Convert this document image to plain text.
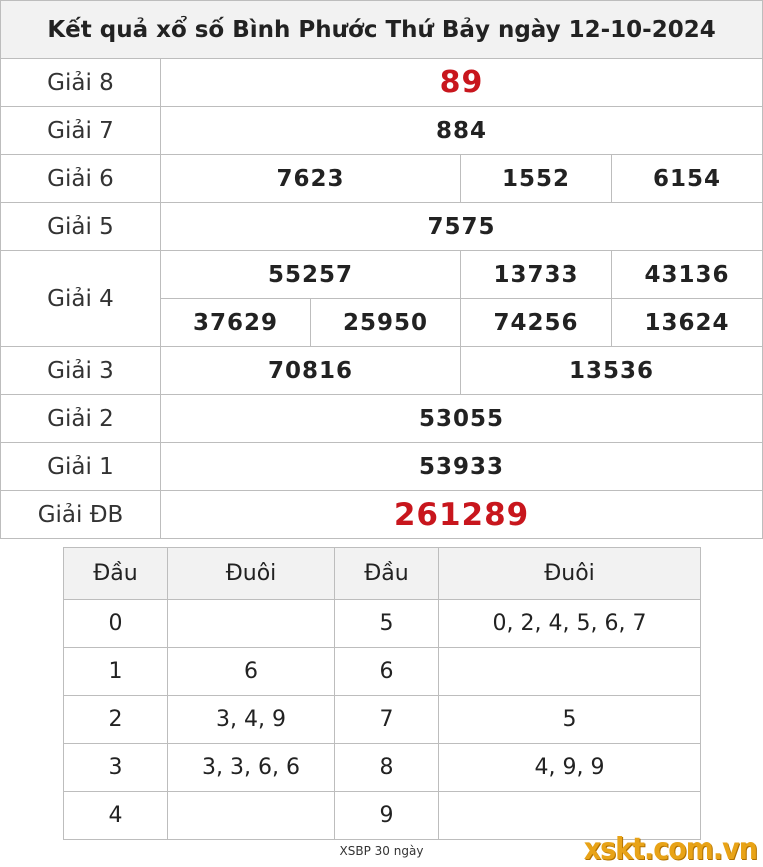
Kết quả xổ số Bình Phước Thứ Bảy ngày 12-10-2024				
Giải 8	89			
Giải 7	884			
Giải 6	7623		1552	6154
Giải 5	7575			
Giải 4	55257		13733	43136
	37629	25950	74256	13624
Giải 3	70816		13536	
Giải 2	53055			
Giải 1	53933			
Giải ĐB	261289			
Đầu	Đuôi	Đầu	Đuôi
0		5	0, 2, 4, 5, 6, 7
1	6	6	
2	3, 4, 9	7	5
3	3, 3, 6, 6	8	4, 9, 9
4		9	
XSBP 30 ngày	xskt.com.vn
